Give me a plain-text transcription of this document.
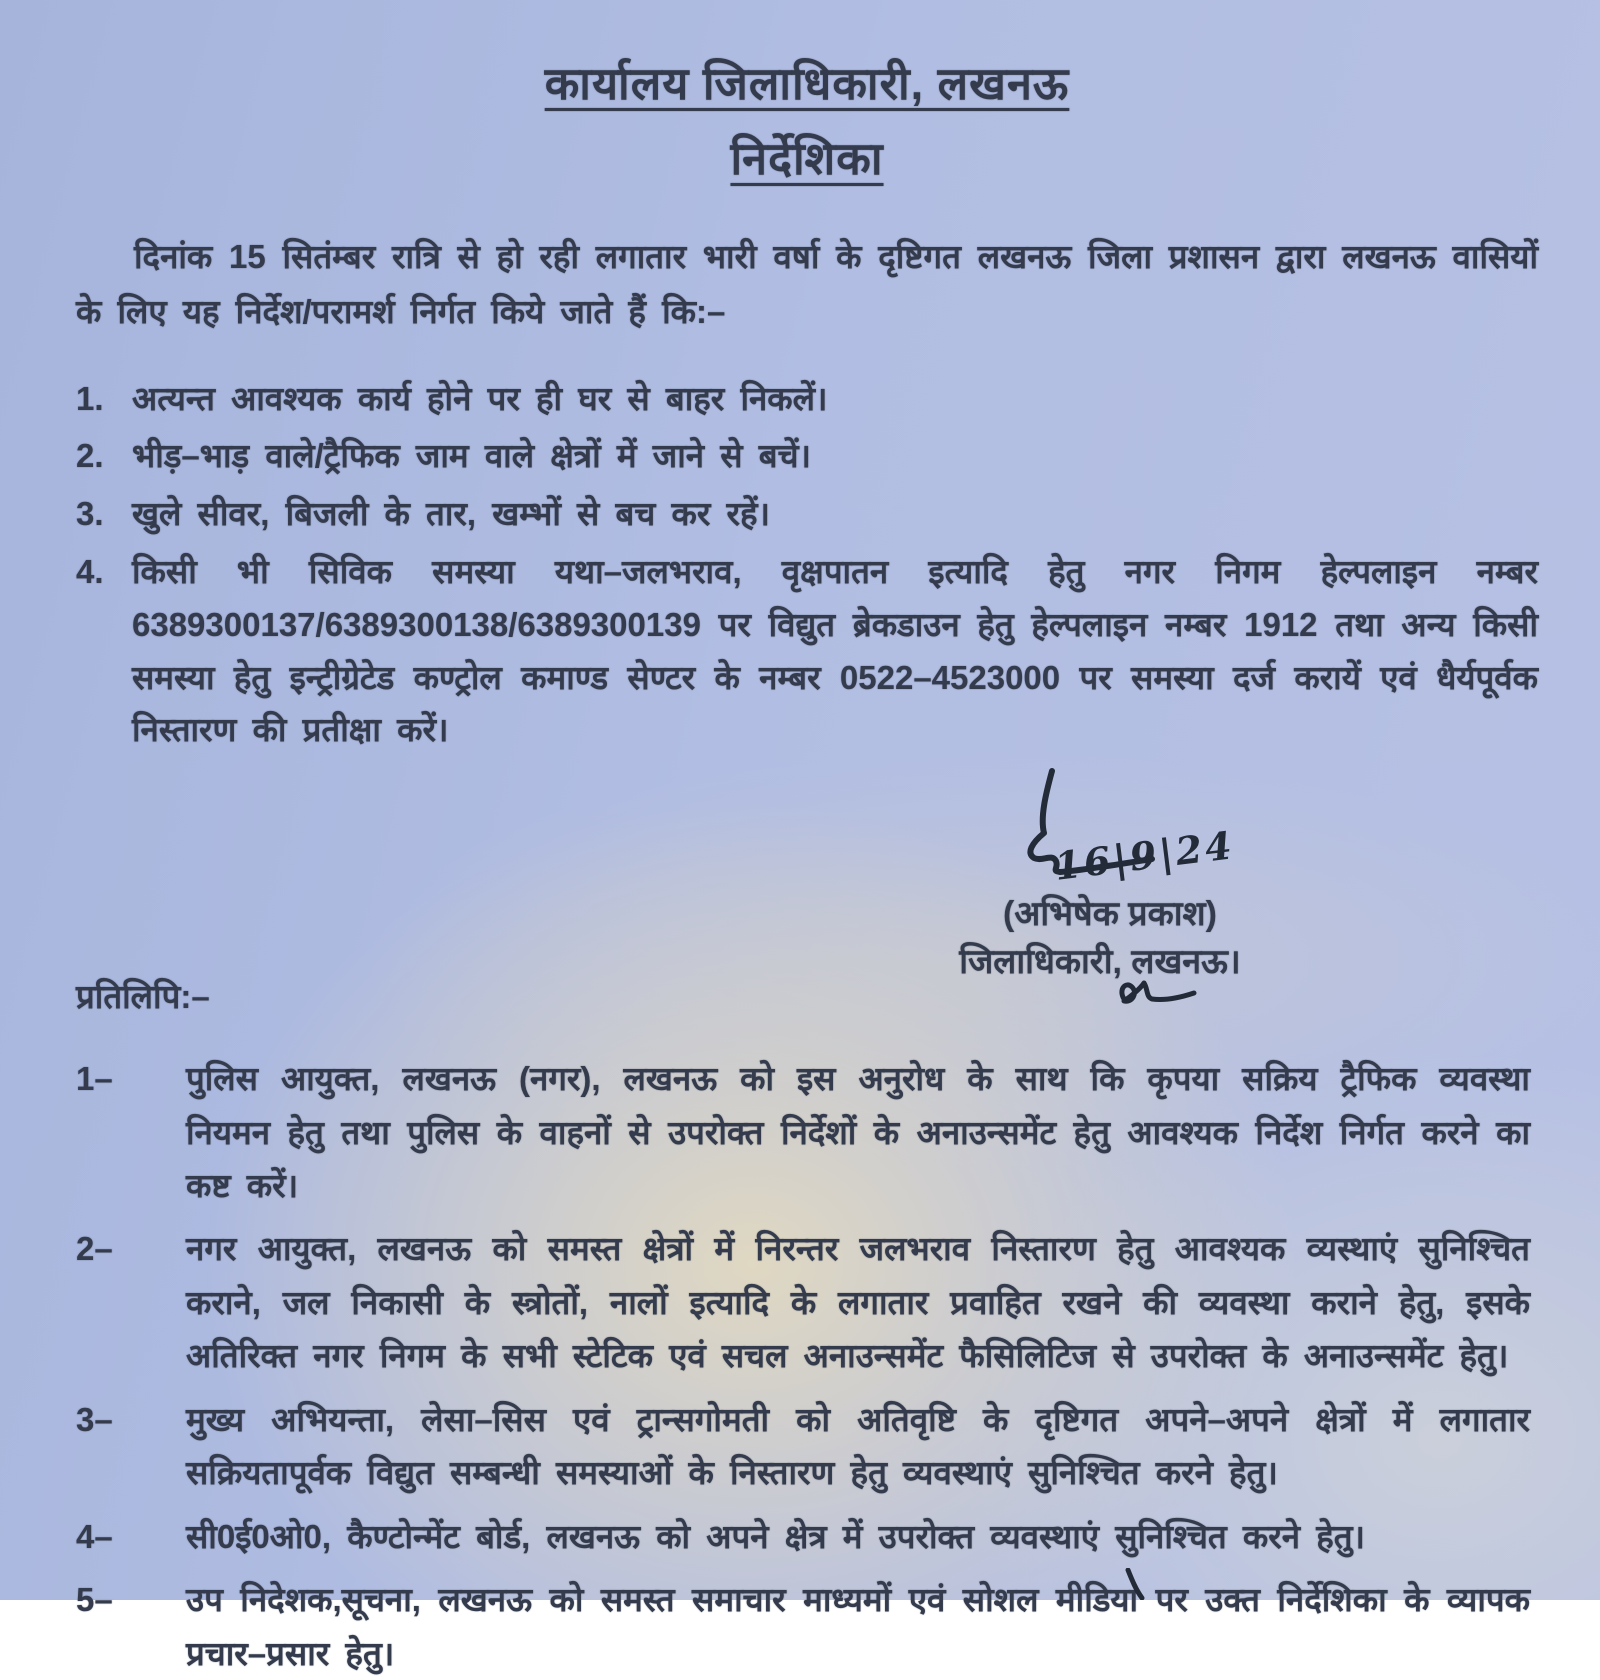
कार्यालय जिलाधिकारी, लखनऊ
निर्देशिका

दिनांक 15 सितंम्बर रात्रि से हो रही लगातार भारी वर्षा के दृष्टिगत लखनऊ जिला प्रशासन द्वारा लखनऊ वासियों के लिए यह निर्देश/परामर्श निर्गत किये जाते हैं कि:–

1. अत्यन्त आवश्यक कार्य होने पर ही घर से बाहर निकलें।
2. भीड़–भाड़ वाले/ट्रैफिक जाम वाले क्षेत्रों में जाने से बचें।
3. खुले सीवर, बिजली के तार, खम्भों से बच कर रहें।
4. किसी भी सिविक समस्या यथा–जलभराव, वृक्षपातन इत्यादि हेतु नगर निगम हेल्पलाइन नम्बर 6389300137/6389300138/6389300139 पर विद्युत ब्रेकडाउन हेतु हेल्पलाइन नम्बर 1912 तथा अन्य किसी समस्या हेतु इन्ट्रीग्रेटेड कण्ट्रोल कमाण्ड सेण्टर के नम्बर 0522–4523000 पर समस्या दर्ज करायें एवं धैर्यपूर्वक निस्तारण की प्रतीक्षा करें।
16|9|24
(अभिषेक प्रकाश)
जिलाधिकारी, लखनऊ।
प्रतिलिपि:–
1–	पुलिस आयुक्त, लखनऊ (नगर), लखनऊ को इस अनुरोध के साथ कि कृपया सक्रिय ट्रैफिक व्यवस्था नियमन हेतु तथा पुलिस के वाहनों से उपरोक्त निर्देशों के अनाउन्समेंट हेतु आवश्यक निर्देश निर्गत करने का कष्ट करें।
2–	नगर आयुक्त, लखनऊ को समस्त क्षेत्रों में निरन्तर जलभराव निस्तारण हेतु आवश्यक व्यस्थाएं सुनिश्चित कराने, जल निकासी के स्त्रोतों, नालों इत्यादि के लगातार प्रवाहित रखने की व्यवस्था कराने हेतु, इसके अतिरिक्त नगर निगम के सभी स्टेटिक एवं सचल अनाउन्समेंट फैसिलिटिज से उपरोक्त के अनाउन्समेंट हेतु।
3–	मुख्य अभियन्ता, लेसा–सिस एवं ट्रान्सगोमती को अतिवृष्टि के दृष्टिगत अपने–अपने क्षेत्रों में लगातार सक्रियतापूर्वक विद्युत सम्बन्धी समस्याओं के निस्तारण हेतु व्यवस्थाएं सुनिश्चित करने हेतु।
4–	सी0ई0ओ0, कैण्टोन्मेंट बोर्ड, लखनऊ को अपने क्षेत्र में उपरोक्त व्यवस्थाएं सुनिश्चित करने हेतु।
5–	उप निदेशक,सूचना, लखनऊ को समस्त समाचार माध्यमों एवं सोशल मीडिया पर उक्त निर्देशिका के व्यापक प्रचार–प्रसार हेतु।
